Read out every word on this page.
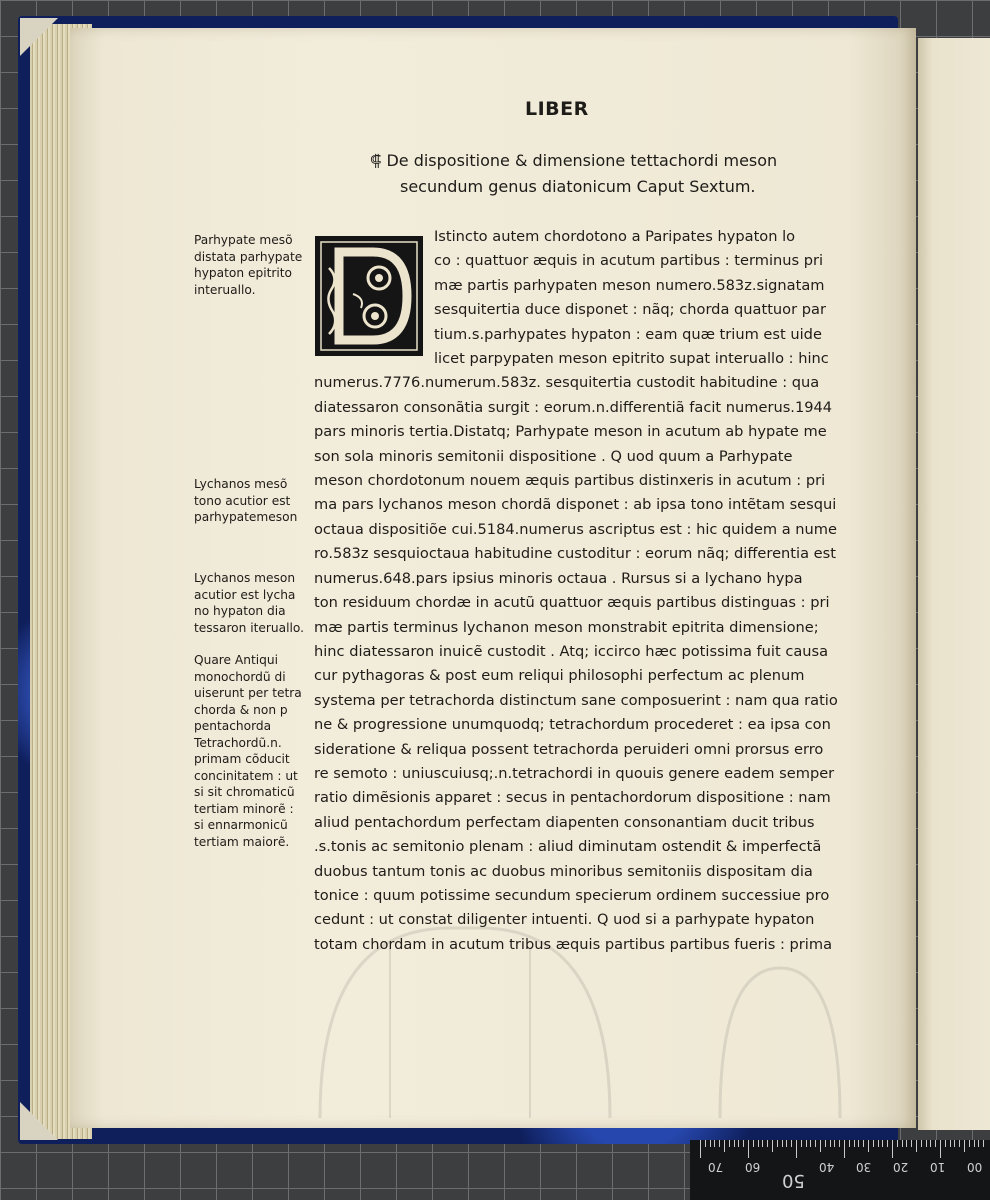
LIBER
⸿ De dispositione & dimensione tettachordi meson
secundum genus diatonicum Caput Sextum.
Istincto autem chordotono a Paripates hypaton lo
co : quattuor æquis in acutum partibus : terminus pri
mæ partis parhypaten meson numero.583z.signatam
sesquitertia duce disponet : nãq; chorda quattuor par
tium.s.parhypates hypaton : eam quæ trium est uide
licet parpypaten meson epitrito supat interuallo : hinc
numerus.7776.numerum.583z. sesquitertia custodit habitudine : qua
diatessaron consonãtia surgit : eorum.n.differentiã facit numerus.1944
pars minoris tertia.Distatq; Parhypate meson in acutum ab hypate me
son sola minoris semitonii dispositione . Q uod quum a Parhypate
meson chordotonum nouem æquis partibus distinxeris in acutum : pri
ma pars lychanos meson chordã disponet : ab ipsa tono intẽtam sesqui
octaua dispositiõe cui.5184.numerus ascriptus est : hic quidem a nume
ro.583z sesquioctaua habitudine custoditur : eorum nãq; differentia est
numerus.648.pars ipsius minoris octaua . Rursus si a lychano hypa
ton residuum chordæ in acutũ quattuor æquis partibus distinguas : pri
mæ partis terminus lychanon meson monstrabit epitrita dimensione;
hinc diatessaron inuicẽ custodit . Atq; iccirco hæc potissima fuit causa
cur pythagoras & post eum reliqui philosophi perfectum ac plenum
systema per tetrachorda distinctum sane composuerint : nam qua ratio
ne & progressione unumquodq; tetrachordum procederet : ea ipsa con
sideratione & reliqua possent tetrachorda peruideri omni prorsus erro
re semoto : uniuscuiusq;.n.tetrachordi in quouis genere eadem semper
ratio dimẽsionis apparet : secus in pentachordorum dispositione : nam
aliud pentachordum perfectam diapenten consonantiam ducit tribus
.s.tonis ac semitonio plenam : aliud diminutam ostendit & imperfectã
duobus tantum tonis ac duobus minoribus semitoniis dispositam dia
tonice : quum potissime secundum specierum ordinem successiue pro
cedunt : ut constat diligenter intuenti. Q uod si a parhypate hypaton
totam chordam in acutum tribus æquis partibus partibus fueris : prima
Parhypate mesõ
distata parhypate
hypaton epitrito
interuallo.
Lychanos mesõ
tono acutior est
parhypatemeson
Lychanos meson
acutior est lycha
no hypaton dia
tessaron iteruallo.
Quare Antiqui
monochordũ di
uiserunt per tetra
chorda & non p
pentachorda
Tetrachordũ.n.
primam cõducit
concinitatem : ut
si sit chromaticũ
tertiam minorẽ :
si ennarmonicũ
tertiam maiorẽ.
70 60
50
40 30 20 10 00
